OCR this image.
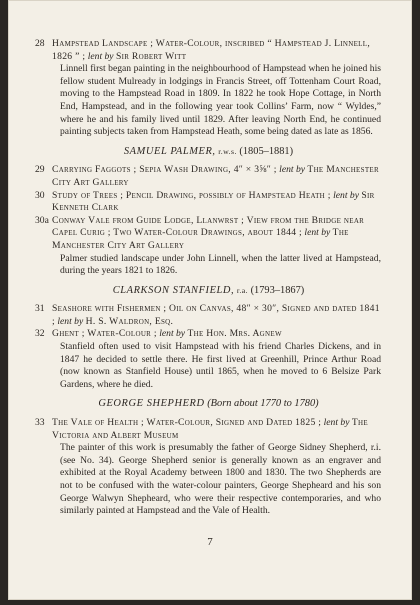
28 Hampstead Landscape ; Water-Colour, inscribed “ Hampstead J. Linnell, 1826 ” ; lent by Sir Robert Witt
Linnell first began painting in the neighbourhood of Hampstead when he joined his fellow student Mulready in lodgings in Francis Street, off Tottenham Court Road, moving to the Hampstead Road in 1809. In 1822 he took Hope Cottage, in North End, Hampstead, and in the following year took Collins’ Farm, now “ Wyldes,” where he and his family lived until 1829. After leaving North End, he continued painting subjects taken from Hampstead Heath, some being dated as late as 1856.
SAMUEL PALMER, r.w.s. (1805–1881)
29 Carrying Faggots ; Sepia Wash Drawing, 4″ × 3⅝″ ; lent by The Manchester City Art Gallery
30 Study of Trees ; Pencil Drawing, possibly of Hampstead Heath ; lent by Sir Kenneth Clark
30a Conway Vale from Guide Lodge, Llanwrst ; View from the Bridge near Capel Curig ; Two Water-Colour Drawings, about 1844 ; lent by The Manchester City Art Gallery
Palmer studied landscape under John Linnell, when the latter lived at Hampstead, during the years 1821 to 1826.
CLARKSON STANFIELD, r.a. (1793–1867)
31 Seashore with Fishermen ; Oil on Canvas, 48″ × 30″, Signed and dated 1841 ; lent by H. S. Waldron, Esq.
32 Ghent ; Water-Colour ; lent by The Hon. Mrs. Agnew
Stanfield often used to visit Hampstead with his friend Charles Dickens, and in 1847 he decided to settle there. He first lived at Greenhill, Prince Arthur Road (now known as Stanfield House) until 1865, when he moved to 6 Belsize Park Gardens, where he died.
GEORGE SHEPHERD (Born about 1770 to 1780)
33 The Vale of Health ; Water-Colour, Signed and Dated 1825 ; lent by The Victoria and Albert Museum
The painter of this work is presumably the father of George Sidney Shepherd, r.i. (see No. 34). George Shepherd senior is generally known as an engraver and exhibited at the Royal Academy between 1800 and 1830. The two Shepherds are not to be confused with the water-colour painters, George Shepheard and his son George Walwyn Shepheard, who were their respective contemporaries, and who similarly painted at Hampstead and the Vale of Health.
7
